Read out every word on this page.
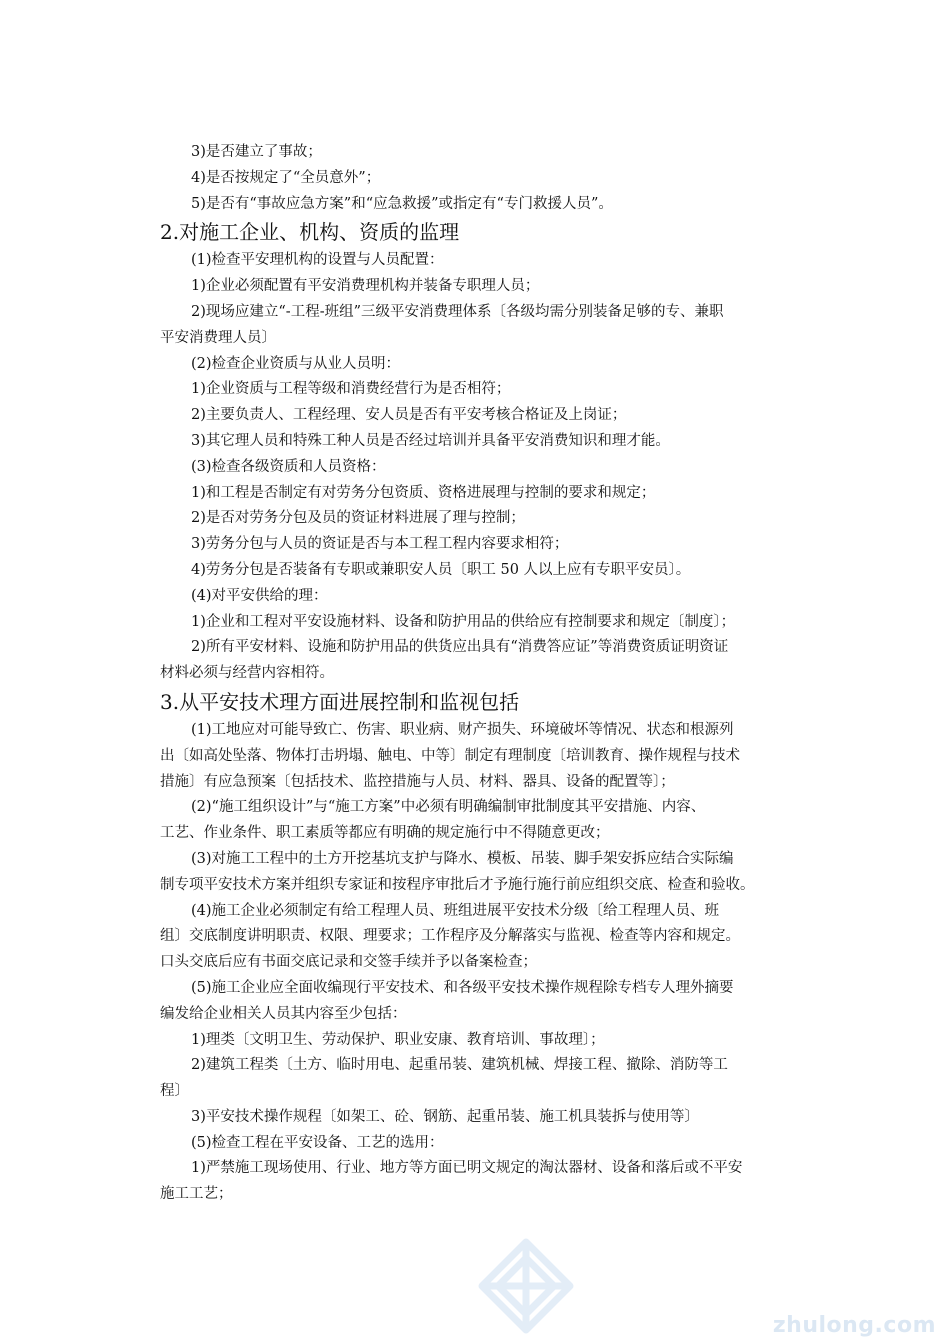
3)是否建立了事故；
4)是否按规定了“全员意外”；
5)是否有“事故应急方案”和“应急救援”或指定有“专门救援人员”。
2.对施工企业、机构、资质的监理
(1)检查平安理机构的设置与人员配置：
1)企业必须配置有平安消费理机构并装备专职理人员；
2)现场应建立“-工程-班组”三级平安消费理体系〔各级均需分别装备足够的专、兼职
平安消费理人员〕
(2)检查企业资质与从业人员明：
1)企业资质与工程等级和消费经营行为是否相符；
2)主要负责人、工程经理、安人员是否有平安考核合格证及上岗证；
3)其它理人员和特殊工种人员是否经过培训并具备平安消费知识和理才能。
(3)检查各级资质和人员资格：
1)和工程是否制定有对劳务分包资质、资格进展理与控制的要求和规定；
2)是否对劳务分包及员的资证材料进展了理与控制；
3)劳务分包与人员的资证是否与本工程工程内容要求相符；
4)劳务分包是否装备有专职或兼职安人员〔职工 50 人以上应有专职平安员〕。
(4)对平安供给的理：
1)企业和工程对平安设施材料、设备和防护用品的供给应有控制要求和规定〔制度〕；
2)所有平安材料、设施和防护用品的供货应出具有“消费答应证”等消费资质证明资证
材料必须与经营内容相符。
3.从平安技术理方面进展控制和监视包括
(1)工地应对可能导致亡、伤害、职业病、财产损失、环境破坏等情况、状态和根源列
出〔如高处坠落、物体打击坍塌、触电、中等〕制定有理制度〔培训教育、操作规程与技术
措施〕有应急预案〔包括技术、监控措施与人员、材料、器具、设备的配置等〕；
(2)“施工组织设计”与“施工方案”中必须有明确编制审批制度其平安措施、内容、
工艺、作业条件、职工素质等都应有明确的规定施行中不得随意更改；
(3)对施工工程中的土方开挖基坑支护与降水、模板、吊装、脚手架安拆应结合实际编
制专项平安技术方案并组织专家证和按程序审批后才予施行施行前应组织交底、检查和验收。
(4)施工企业必须制定有给工程理人员、班组进展平安技术分级〔给工程理人员、班
组〕交底制度讲明职责、权限、理要求；工作程序及分解落实与监视、检查等内容和规定。
口头交底后应有书面交底记录和交签手续并予以备案检查；
(5)施工企业应全面收编现行平安技术、和各级平安技术操作规程除专档专人理外摘要
编发给企业相关人员其内容至少包括：
1)理类〔文明卫生、劳动保护、职业安康、教育培训、事故理〕；
2)建筑工程类〔土方、临时用电、起重吊装、建筑机械、焊接工程、撤除、消防等工
程〕
3)平安技术操作规程〔如架工、砼、钢筋、起重吊装、施工机具装拆与使用等〕
(5)检查工程在平安设备、工艺的选用：
1)严禁施工现场使用、行业、地方等方面已明文规定的淘汰器材、设备和落后或不平安
施工工艺；
zhulong.com
